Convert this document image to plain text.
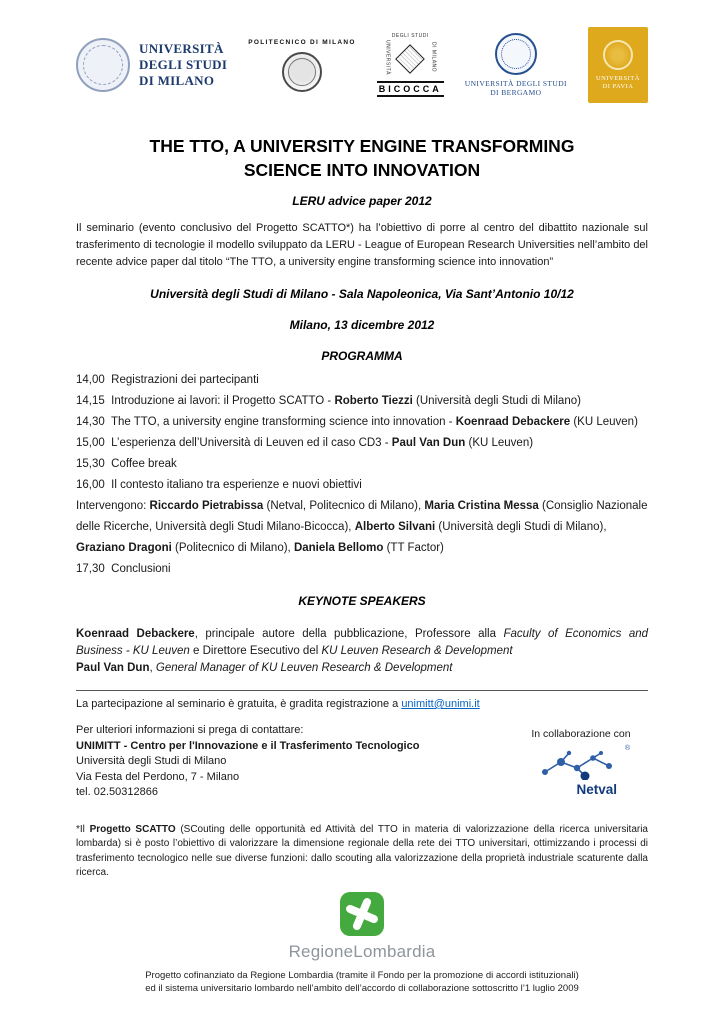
UNIVERSITÀ
DEGLI STUDI
DI MILANO
POLITECNICO DI MILANO
DEGLI STUDI
UNIVERSITÀ	DI MILANO
BICOCCA
UNIVERSITÀ DEGLI STUDI
DI BERGAMO
UNIVERSITÀ
DI PAVIA
THE TTO, A UNIVERSITY ENGINE TRANSFORMING
SCIENCE INTO INNOVATION
LERU advice paper 2012

Il seminario (evento conclusivo del Progetto SCATTO*) ha l’obiettivo di porre al centro del dibattito nazionale sul trasferimento di tecnologie il modello sviluppato da LERU - League of European Research Universities nell’ambito del recente advice paper dal titolo “The TTO, a university engine transforming science into innovation”

Università degli Studi di Milano - Sala Napoleonica, Via Sant’Antonio 10/12
Milano, 13 dicembre 2012
PROGRAMMA
14,00  Registrazioni dei partecipanti
14,15  Introduzione ai lavori: il Progetto SCATTO - Roberto Tiezzi (Università degli Studi di Milano)
14,30  The TTO, a university engine transforming science into innovation - Koenraad Debackere (KU Leuven)
15,00  L’esperienza dell’Università di Leuven ed il caso CD3 - Paul Van Dun (KU Leuven)
15,30  Coffee break
16,00  Il contesto italiano tra esperienze e nuovi obiettivi
Intervengono: Riccardo Pietrabissa (Netval, Politecnico di Milano), Maria Cristina Messa (Consiglio Nazionale delle Ricerche, Università degli Studi Milano-Bicocca), Alberto Silvani (Università degli Studi di Milano), Graziano Dragoni (Politecnico di Milano), Daniela Bellomo (TT Factor)
17,30  Conclusioni
KEYNOTE SPEAKERS

Koenraad Debackere, principale autore della pubblicazione, Professore alla Faculty of Economics and Business - KU Leuven e Direttore Esecutivo del KU Leuven Research & Development

Paul Van Dun, General Manager of KU Leuven Research & Development

La partecipazione al seminario è gratuita, è gradita registrazione a unimitt@unimi.it

Per ulteriori informazioni si prega di contattare:
UNIMITT - Centro per l'Innovazione e il Trasferimento Tecnologico
Università degli Studi di Milano
Via Festa del Perdono, 7 - Milano
tel. 02.50312866
In collaborazione con
®
Netval

*Il Progetto SCATTO (SCouting delle opportunità ed Attività del TTO in materia di valorizzazione della ricerca universitaria lombarda) si è posto l’obiettivo di valorizzare la dimensione regionale della rete dei TTO universitari, ottimizzando i processi di trasferimento tecnologico nelle sue diverse funzioni: dallo scouting alla valorizzazione della proprietà industriale scaturente dalla ricerca.

RegioneLombardia
Progetto cofinanziato da Regione Lombardia (tramite il Fondo per la promozione di accordi istituzionali)
ed il sistema universitario lombardo nell’ambito dell’accordo di collaborazione sottoscritto l’1 luglio 2009
